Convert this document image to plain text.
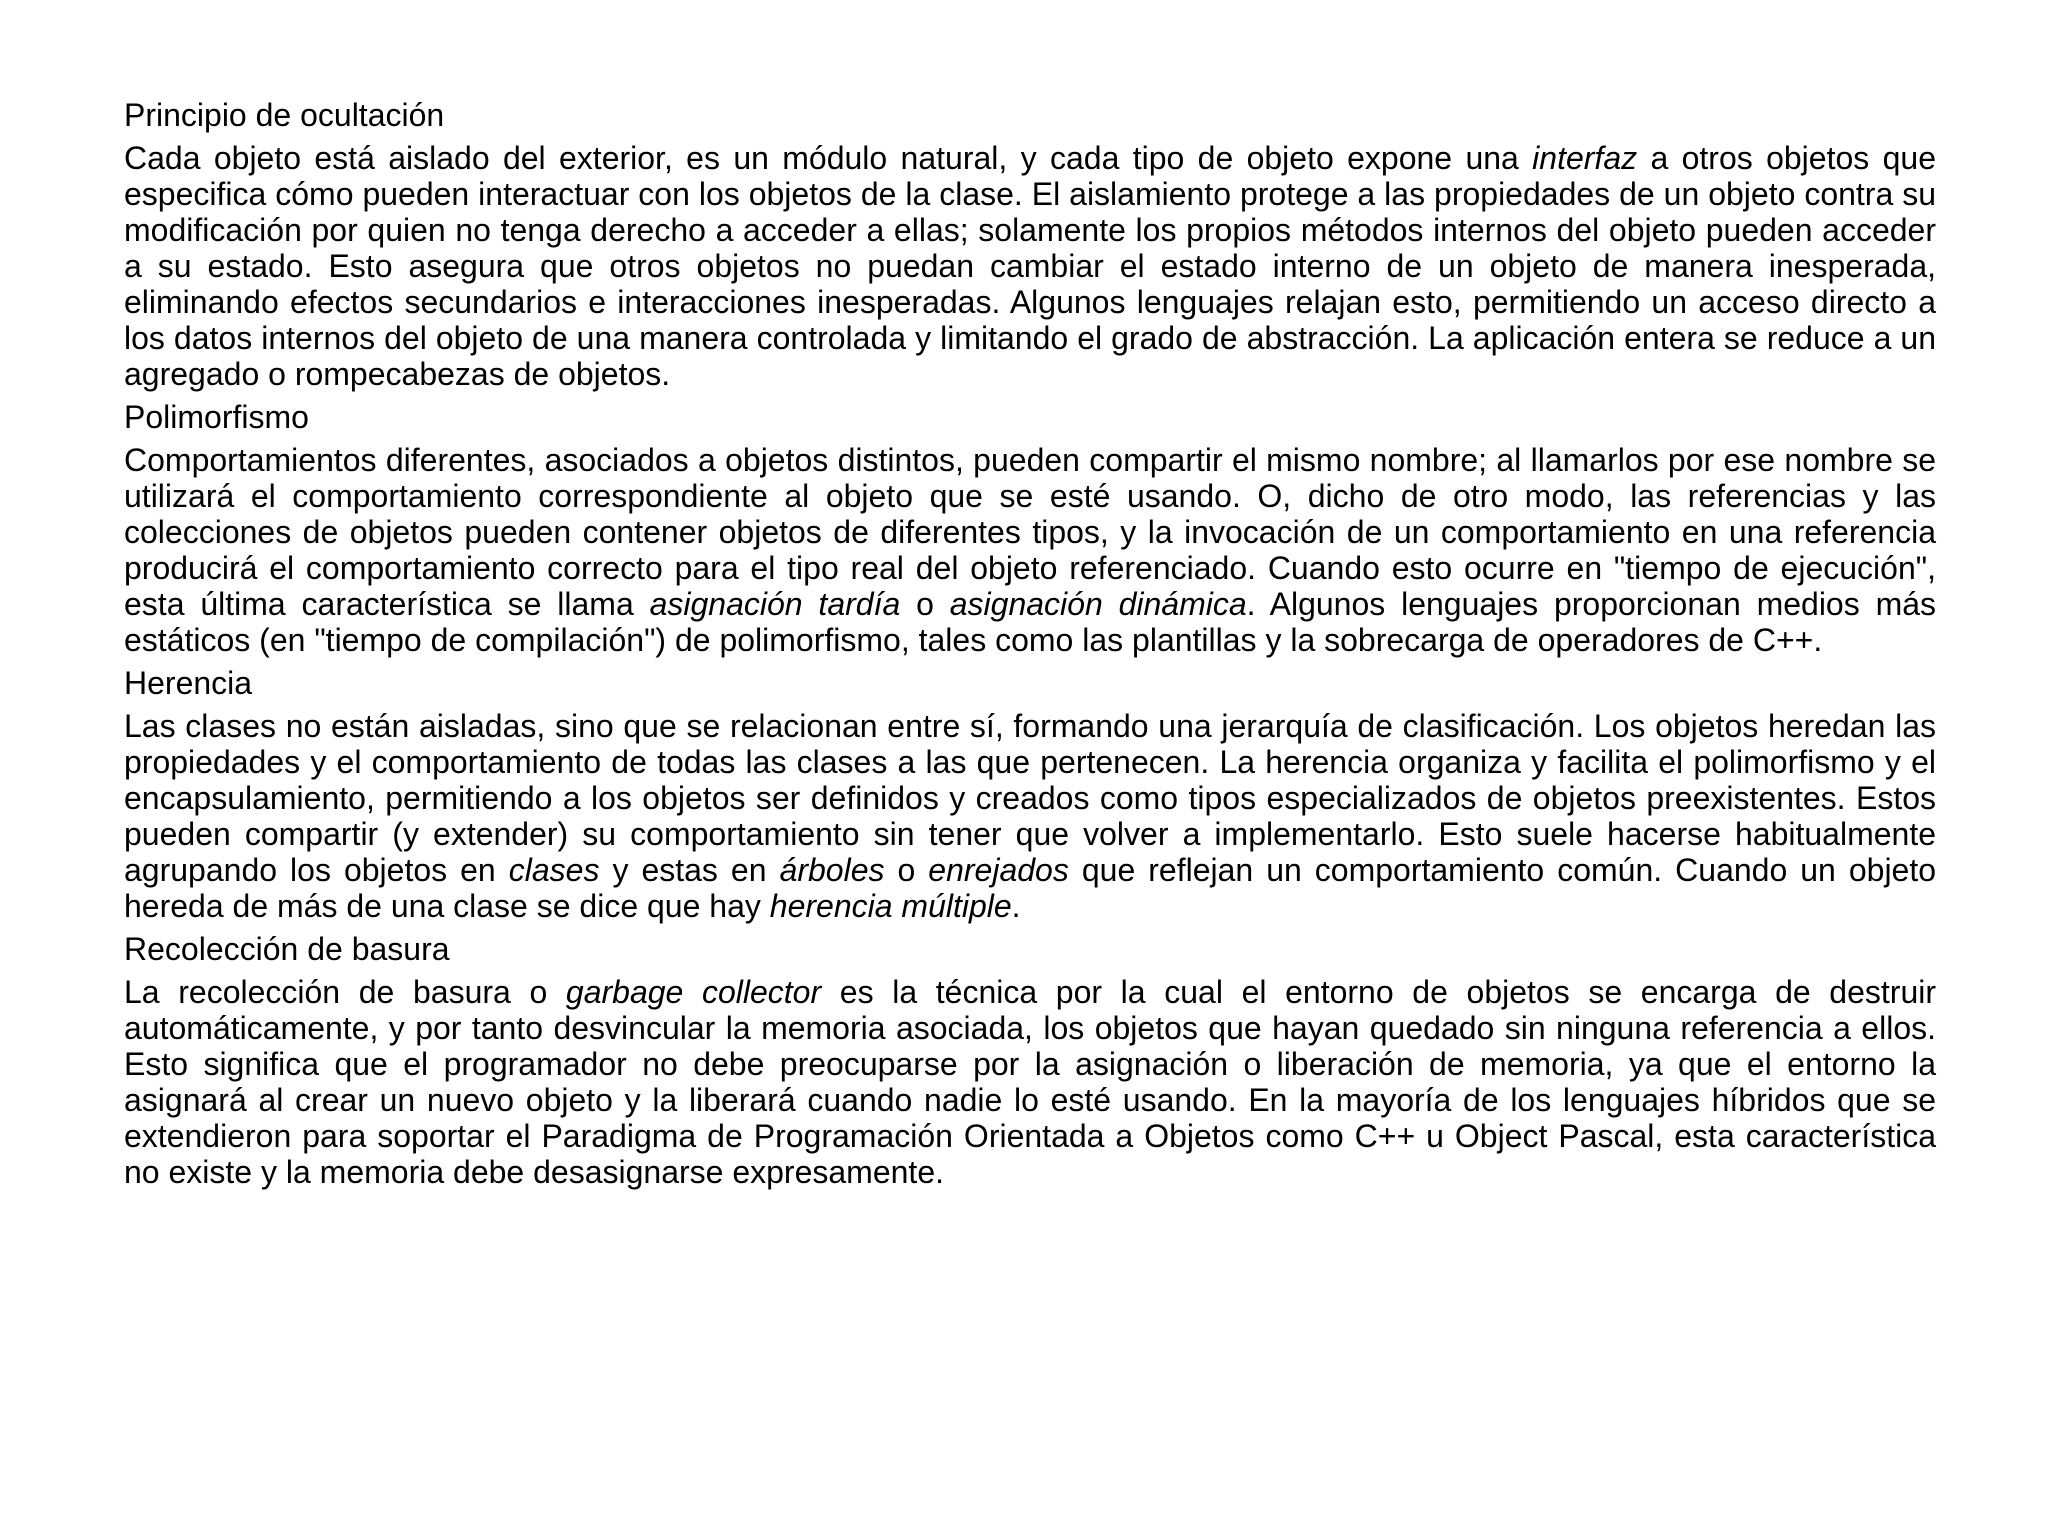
Principio de ocultación

Cada objeto está aislado del exterior, es un módulo natural, y cada tipo de objeto expone una interfaz a otros objetos que especifica cómo pueden interactuar con los objetos de la clase. El aislamiento protege a las propiedades de un objeto contra su modificación por quien no tenga derecho a acceder a ellas; solamente los propios métodos internos del objeto pueden acceder a su estado. Esto asegura que otros objetos no puedan cambiar el estado interno de un objeto de manera inesperada, eliminando efectos secundarios e interacciones inesperadas. Algunos lenguajes relajan esto, permitiendo un acceso directo a los datos internos del objeto de una manera controlada y limitando el grado de abstracción. La aplicación entera se reduce a un agregado o rompecabezas de objetos.

Polimorfismo

Comportamientos diferentes, asociados a objetos distintos, pueden compartir el mismo nombre; al llamarlos por ese nombre se utilizará el comportamiento correspondiente al objeto que se esté usando. O, dicho de otro modo, las referencias y las colecciones de objetos pueden contener objetos de diferentes tipos, y la invocación de un comportamiento en una referencia producirá el comportamiento correcto para el tipo real del objeto referenciado. Cuando esto ocurre en "tiempo de ejecución", esta última característica se llama asignación tardía o asignación dinámica. Algunos lenguajes proporcionan medios más estáticos (en "tiempo de compilación") de polimorfismo, tales como las plantillas y la sobrecarga de operadores de C++.

Herencia

Las clases no están aisladas, sino que se relacionan entre sí, formando una jerarquía de clasificación. Los objetos heredan las propiedades y el comportamiento de todas las clases a las que pertenecen. La herencia organiza y facilita el polimorfismo y el encapsulamiento, permitiendo a los objetos ser definidos y creados como tipos especializados de objetos preexistentes. Estos pueden compartir (y extender) su comportamiento sin tener que volver a implementarlo. Esto suele hacerse habitualmente agrupando los objetos en clases y estas en árboles o enrejados que reflejan un comportamiento común. Cuando un objeto hereda de más de una clase se dice que hay herencia múltiple.

Recolección de basura

La recolección de basura o garbage collector es la técnica por la cual el entorno de objetos se encarga de destruir automáticamente, y por tanto desvincular la memoria asociada, los objetos que hayan quedado sin ninguna referencia a ellos. Esto significa que el programador no debe preocuparse por la asignación o liberación de memoria, ya que el entorno la asignará al crear un nuevo objeto y la liberará cuando nadie lo esté usando. En la mayoría de los lenguajes híbridos que se extendieron para soportar el Paradigma de Programación Orientada a Objetos como C++ u Object Pascal, esta característica no existe y la memoria debe desasignarse expresamente.
